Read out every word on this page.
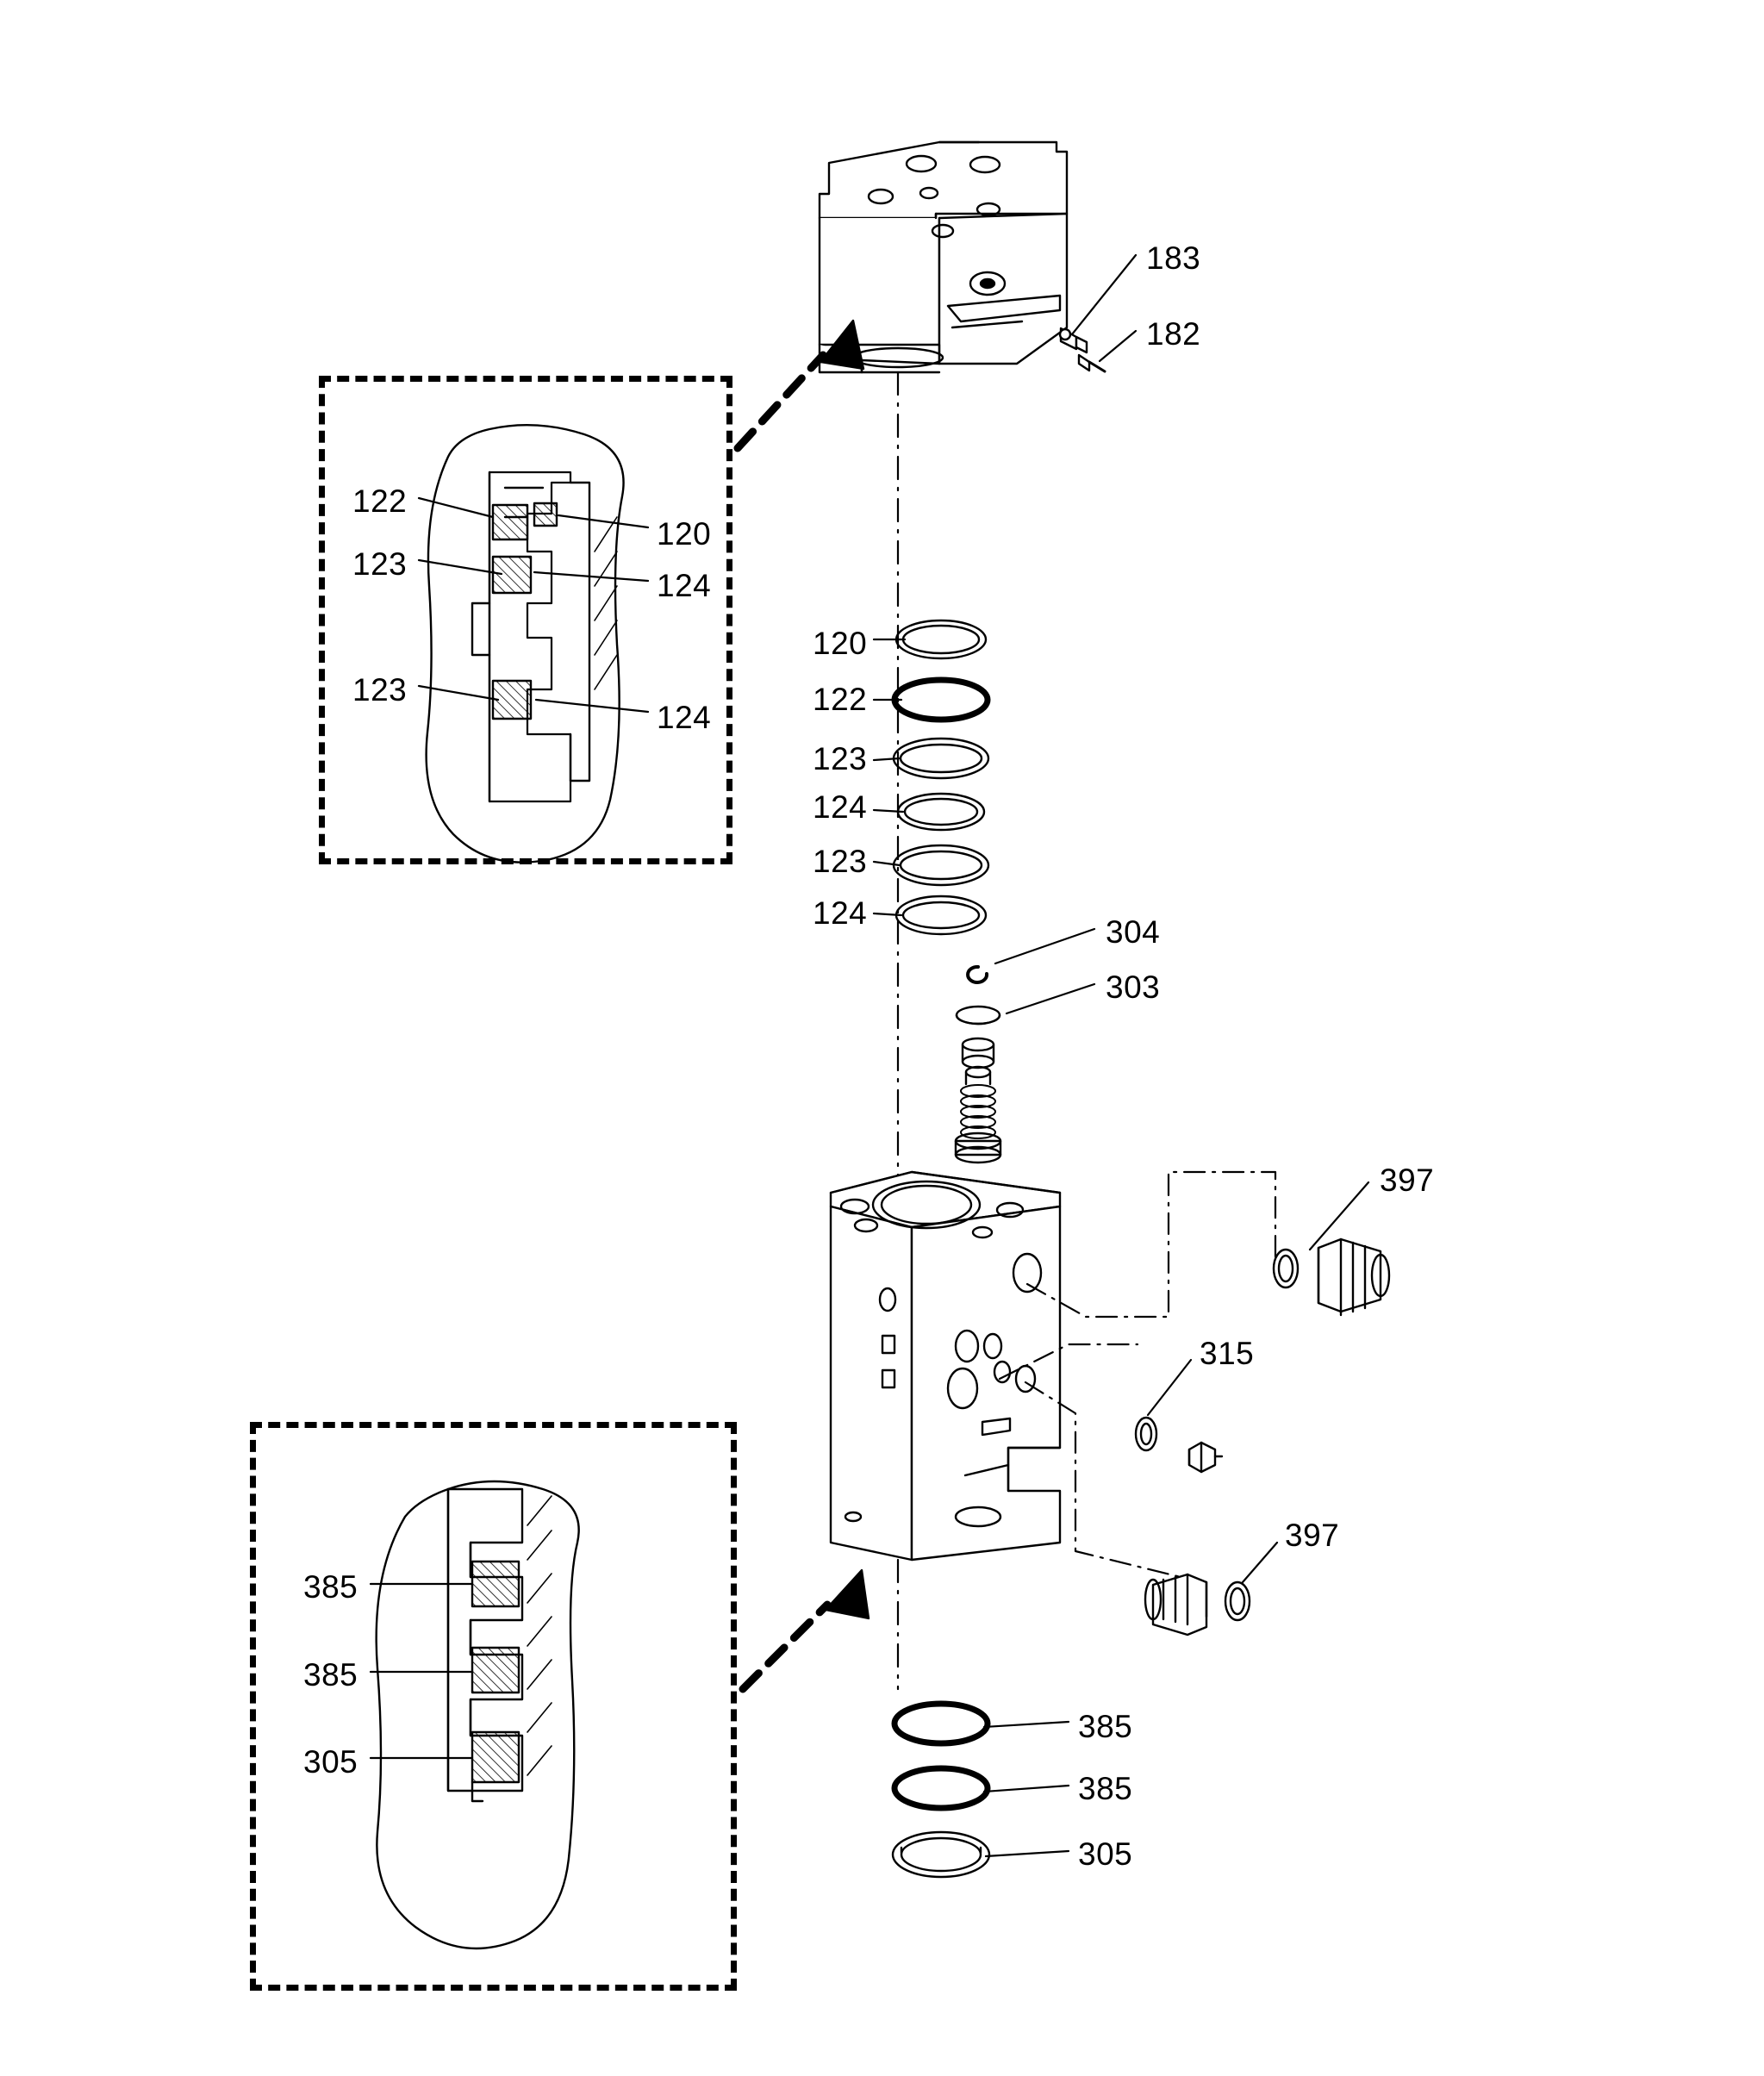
183
182
122
120
123
124
123
124
120
122
123
124
123
124
304
303
397
315
397
385
385
305
385
385
305
